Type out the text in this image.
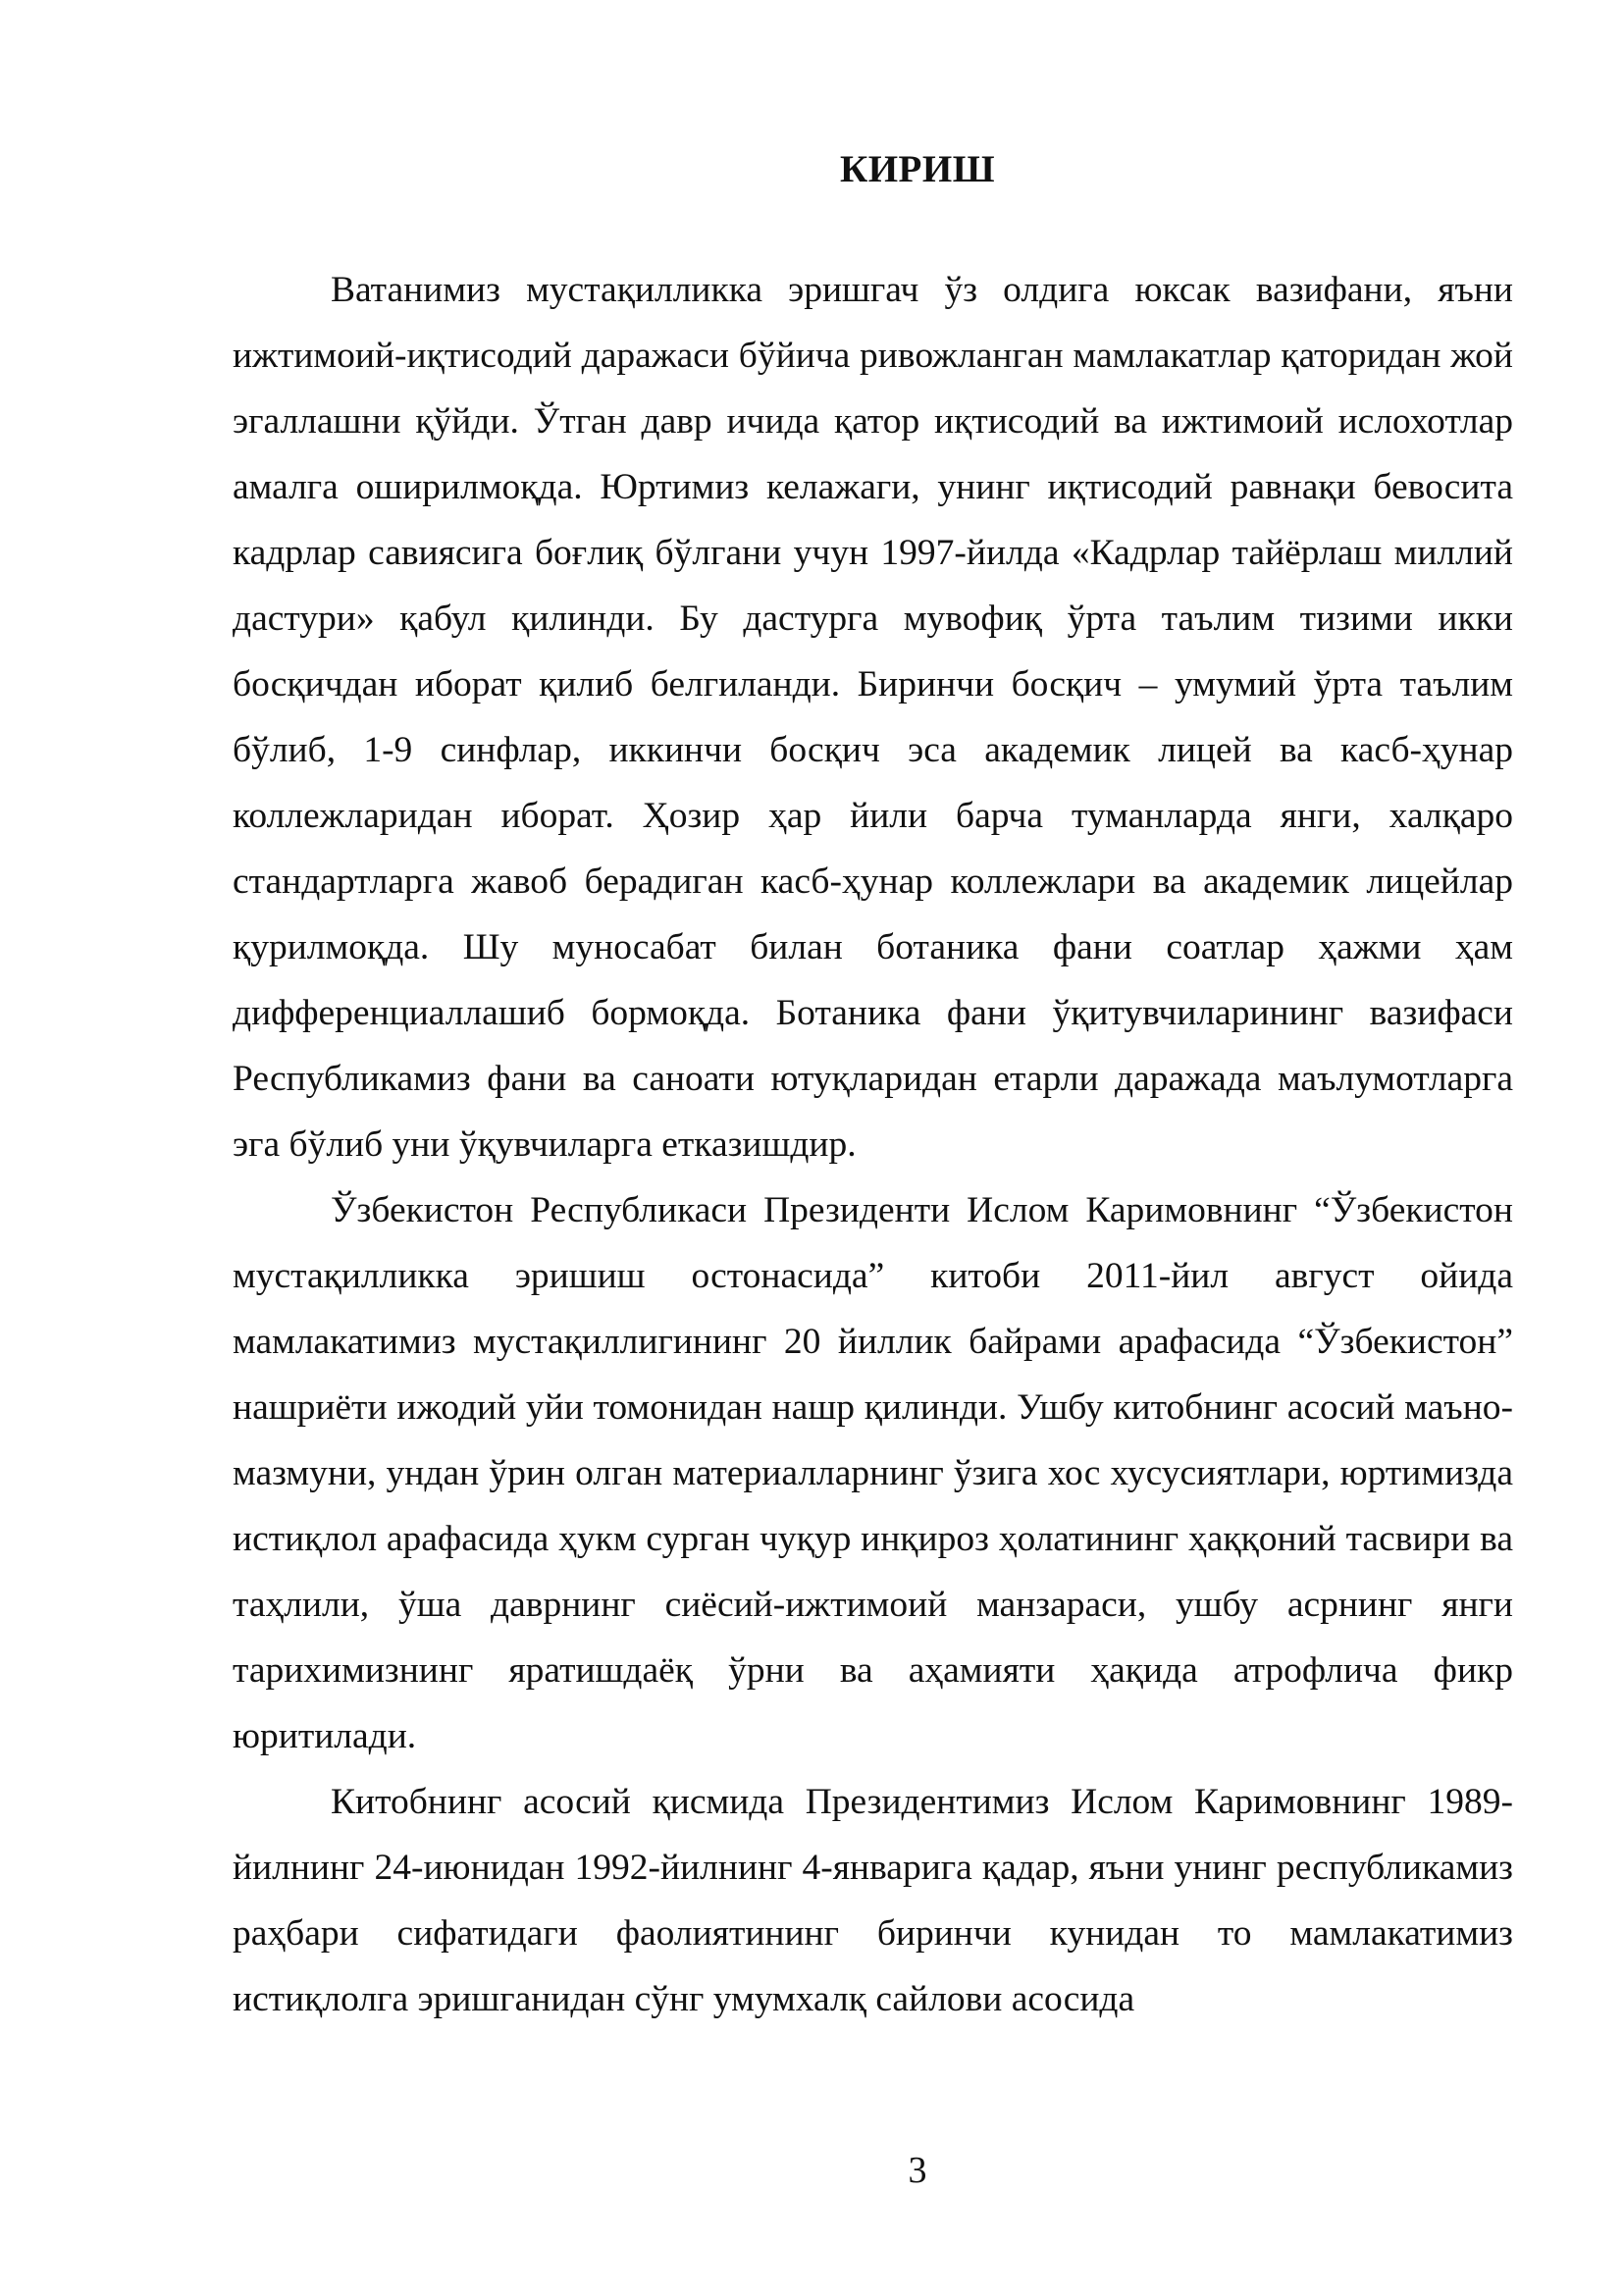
КИРИШ

Ватанимиз мустақилликка эришгач ўз олдига юксак вазифани, яъни ижтимоий-иқтисодий даражаси бўйича ривожланган мамлакатлар қаторидан жой эгаллашни қўйди. Ўтган давр ичида қатор иқтисодий ва ижтимоий ислохотлар амалга оширилмоқда. Юртимиз келажаги, унинг иқтисодий равнақи бевосита кадрлар савиясига боғлиқ бўлгани учун 1997-йилда «Кадрлар тайёрлаш миллий дастури» қабул қилинди. Бу дастурга мувофиқ ўрта таълим тизими икки босқичдан иборат қилиб белгиланди. Биринчи босқич – умумий ўрта таълим бўлиб, 1-9 синфлар, иккинчи босқич эса академик лицей ва касб-ҳунар коллежларидан иборат. Ҳозир ҳар йили барча туманларда янги, халқаро стандартларга жавоб берадиган касб-ҳунар коллежлари ва академик лицейлар қурилмоқда. Шу муносабат билан ботаника фани соатлар ҳажми ҳам дифференциаллашиб бормоқда. Ботаника фани ўқитувчиларининг вазифаси Республикамиз фани ва саноати ютуқларидан етарли даражада маълумотларга эга бўлиб уни ўқувчиларга етказишдир.

Ўзбекистон Республикаси Президенти Ислом Каримовнинг “Ўзбекистон мустақилликка эришиш остонасида” китоби 2011-йил август ойида мамлакатимиз мустақиллигининг 20 йиллик байрами арафасида “Ўзбекистон” нашриёти ижодий уйи томонидан нашр қилинди. Ушбу китобнинг асосий маъно-мазмуни, ундан ўрин олган материалларнинг ўзига хос хусусиятлари, юртимизда истиқлол арафасида ҳукм сурган чуқур инқироз ҳолатининг ҳаққоний тасвири ва таҳлили, ўша даврнинг сиёсий-ижтимоий манзараси, ушбу асрнинг янги тарихимизнинг яратишдаёқ ўрни ва аҳамияти ҳақида атрофлича фикр юритилади.

Китобнинг асосий қисмида Президентимиз Ислом Каримовнинг 1989-йилнинг 24-июнидан 1992-йилнинг 4-январига қадар, яъни унинг республикамиз раҳбари сифатидаги фаолиятининг биринчи кунидан то мамлакатимиз истиқлолга эришганидан сўнг умумхалқ сайлови асосида

3
